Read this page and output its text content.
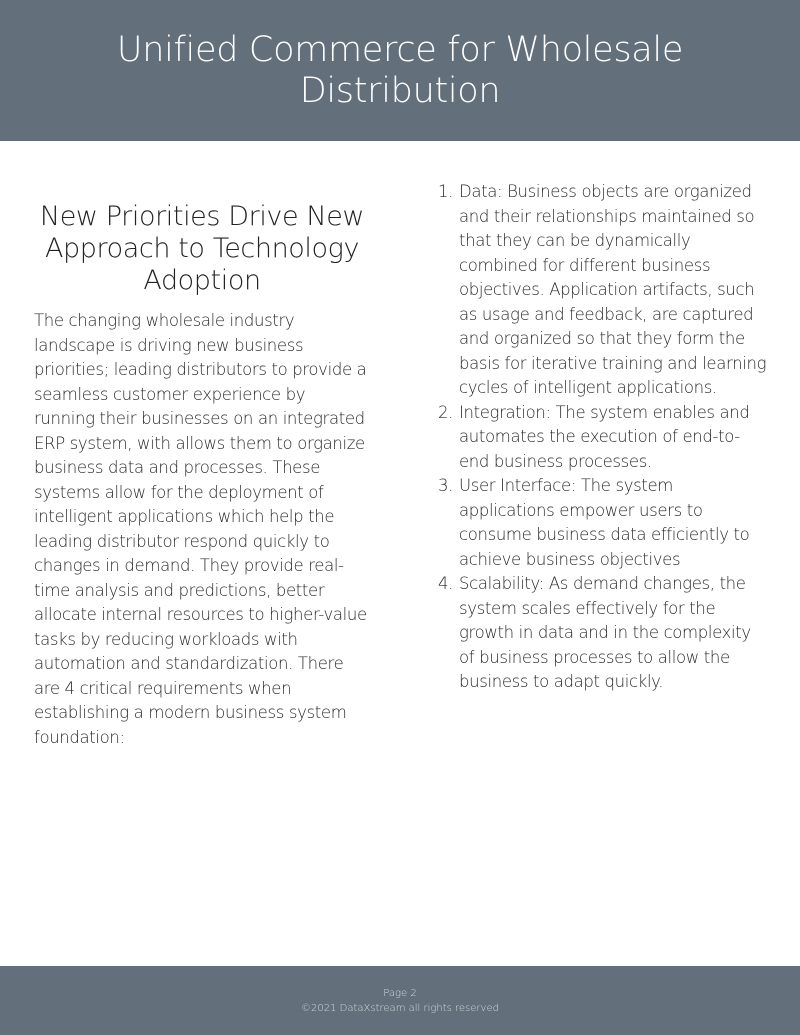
Unified Commerce for Wholesale Distribution
New Priorities Drive New Approach to Technology Adoption

The changing wholesale industry landscape is driving new business priorities; leading distributors to provide a seamless customer experience by running their businesses on an integrated ERP system, with allows them to organize business data and processes. These systems allow for the deployment of intelligent applications which help the leading distributor respond quickly to changes in demand. They provide real-time analysis and predictions, better allocate internal resources to higher-value tasks by reducing workloads with automation and standardization. There are 4 critical requirements when establishing a modern business system foundation:

1. Data: Business objects are organized and their relationships maintained so that they can be dynamically combined for different business objectives. Application artifacts, such as usage and feedback, are captured and organized so that they form the basis for iterative training and learning cycles of intelligent applications.
2. Integration: The system enables and automates the execution of end-to-end business processes.
3. User Interface: The system applications empower users to consume business data efficiently to achieve business objectives
4. Scalability: As demand changes, the system scales effectively for the growth in data and in the complexity of business processes to allow the business to adapt quickly.
Page 2
©2021 DataXstream all rights reserved
